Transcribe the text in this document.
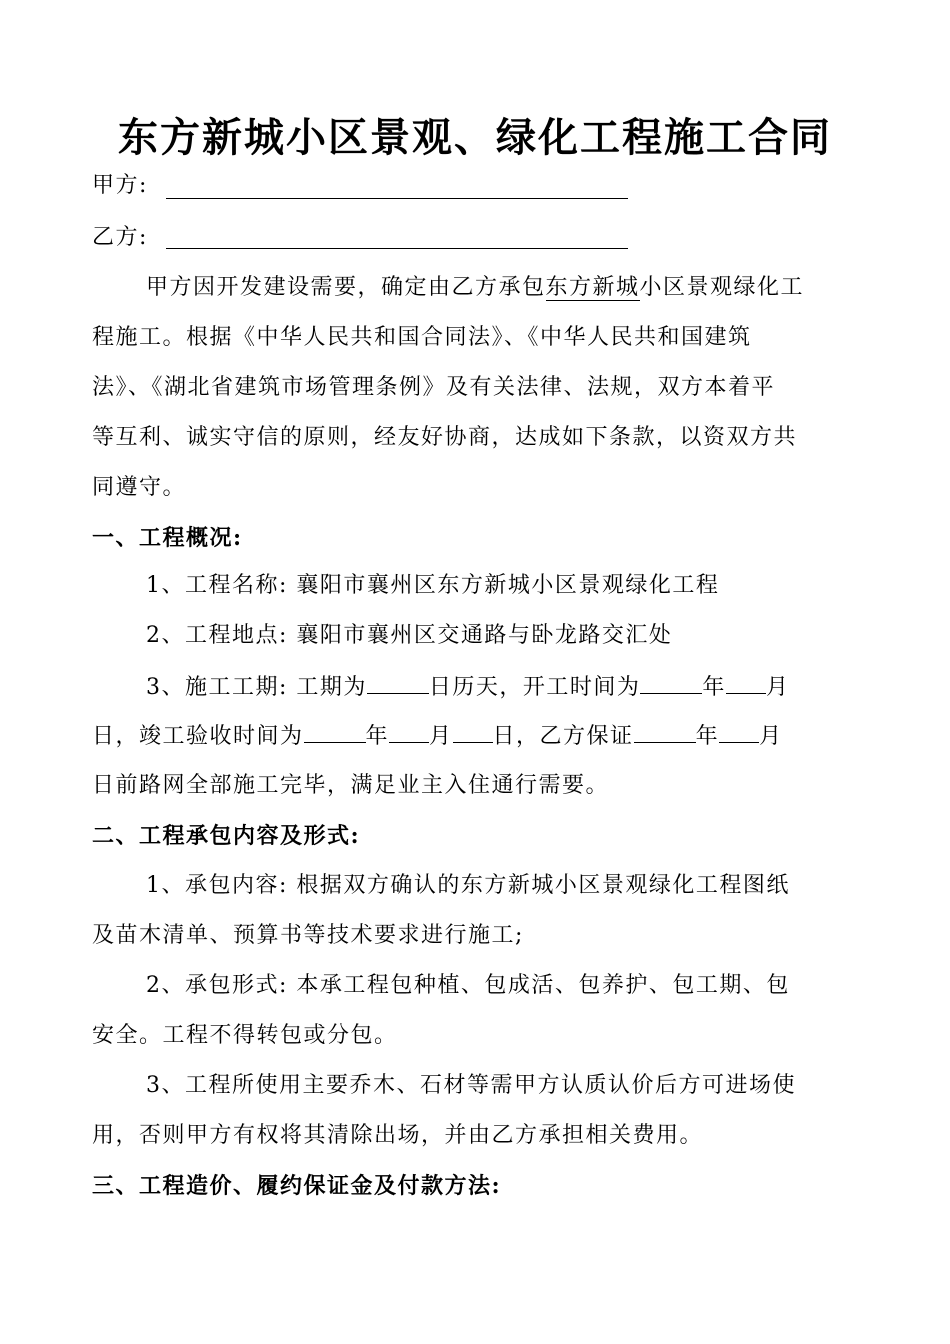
东方新城小区景观、绿化工程施工合同
甲方:
乙方:
甲方因开发建设需要，确定由乙方承包东方新城小区景观绿化工
程施工。根据《中华人民共和国合同法》、《中华人民共和国建筑
法》、《湖北省建筑市场管理条例》及有关法律、法规，双方本着平
等互利、诚实守信的原则，经友好协商，达成如下条款，以资双方共
同遵守。
一、工程概况:
1、工程名称: 襄阳市襄州区东方新城小区景观绿化工程
2、工程地点: 襄阳市襄州区交通路与卧龙路交汇处
3、施工工期: 工期为	日历天，开工时间为	年 月
日，竣工验收时间为	年 月 日，乙方保证	年 月
日前路网全部施工完毕，满足业主入住通行需要。
二、工程承包内容及形式:
1、承包内容: 根据双方确认的东方新城小区景观绿化工程图纸
及苗木清单、预算书等技术要求进行施工;
2、承包形式: 本承工程包种植、包成活、包养护、包工期、包
安全。工程不得转包或分包。
3、工程所使用主要乔木、石材等需甲方认质认价后方可进场使
用，否则甲方有权将其清除出场，并由乙方承担相关费用。
三、工程造价、履约保证金及付款方法:
